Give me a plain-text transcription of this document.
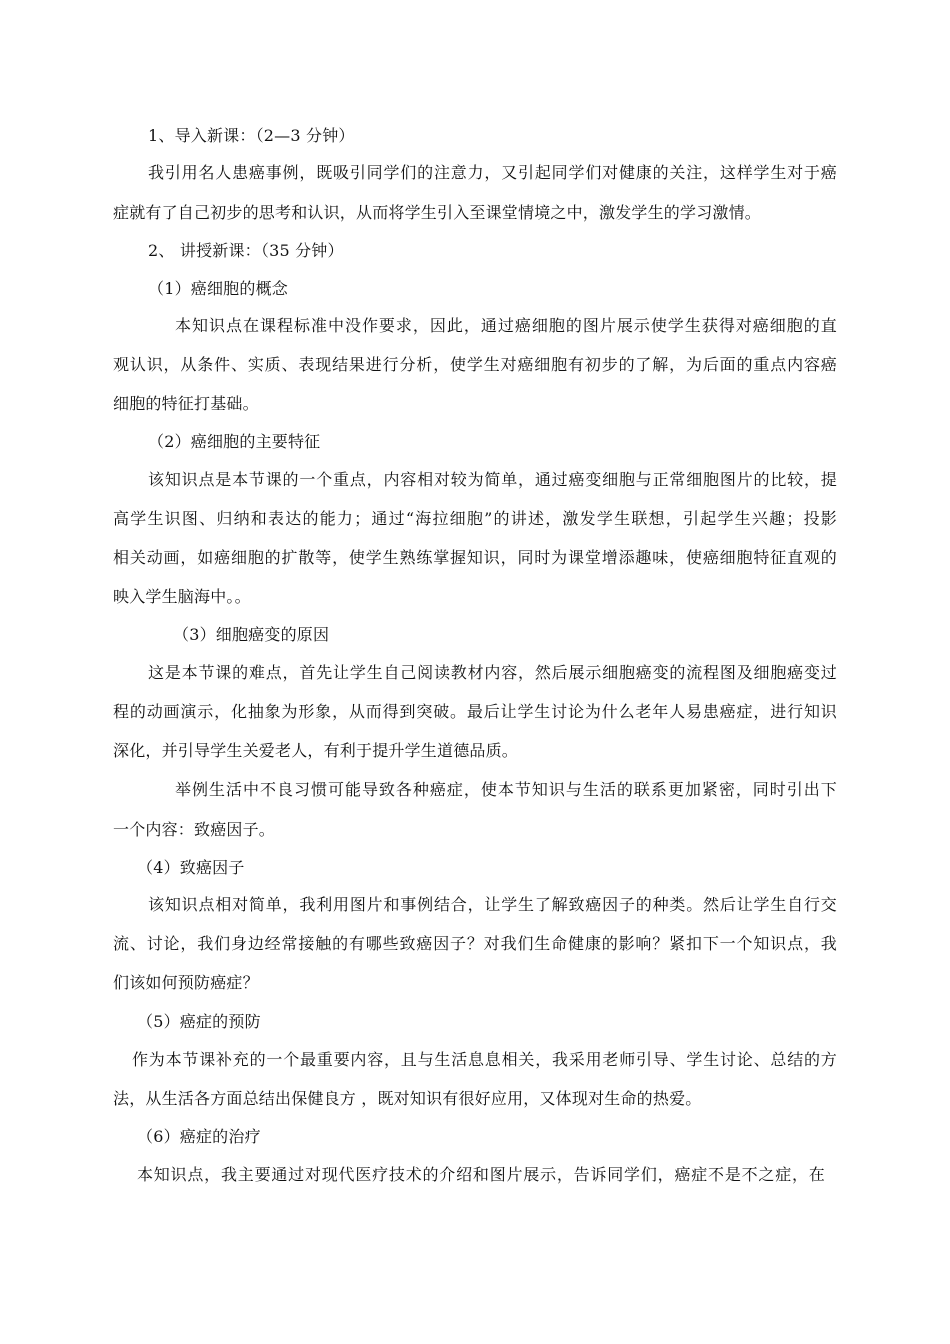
1、导入新课：（2—3 分钟）
我引用名人患癌事例，既吸引同学们的注意力，又引起同学们对健康的关注，这样学生对于癌
症就有了自己初步的思考和认识，从而将学生引入至课堂情境之中，激发学生的学习激情。
2、 讲授新课：（35 分钟）
（1）癌细胞的概念
本知识点在课程标准中没作要求，因此，通过癌细胞的图片展示使学生获得对癌细胞的直
观认识，从条件、实质、表现结果进行分析，使学生对癌细胞有初步的了解，为后面的重点内容癌
细胞的特征打基础。
（2）癌细胞的主要特征
该知识点是本节课的一个重点，内容相对较为简单，通过癌变细胞与正常细胞图片的比较，提
高学生识图、归纳和表达的能力；通过“海拉细胞”的讲述，激发学生联想，引起学生兴趣；投影
相关动画，如癌细胞的扩散等，使学生熟练掌握知识，同时为课堂增添趣味，使癌细胞特征直观的
映入学生脑海中。。
（3）细胞癌变的原因
这是本节课的难点，首先让学生自己阅读教材内容，然后展示细胞癌变的流程图及细胞癌变过
程的动画演示，化抽象为形象，从而得到突破。最后让学生讨论为什么老年人易患癌症，进行知识
深化，并引导学生关爱老人，有利于提升学生道德品质。
举例生活中不良习惯可能导致各种癌症，使本节知识与生活的联系更加紧密，同时引出下
一个内容：致癌因子。
（4）致癌因子
该知识点相对简单，我利用图片和事例结合，让学生了解致癌因子的种类。然后让学生自行交
流、讨论，我们身边经常接触的有哪些致癌因子？对我们生命健康的影响？紧扣下一个知识点，我
们该如何预防癌症？
（5）癌症的预防
作为本节课补充的一个最重要内容，且与生活息息相关，我采用老师引导、学生讨论、总结的方
法，从生活各方面总结出保健良方 ，既对知识有很好应用，又体现对生命的热爱。
（6）癌症的治疗
本知识点，我主要通过对现代医疗技术的介绍和图片展示，告诉同学们，癌症不是不之症，在
